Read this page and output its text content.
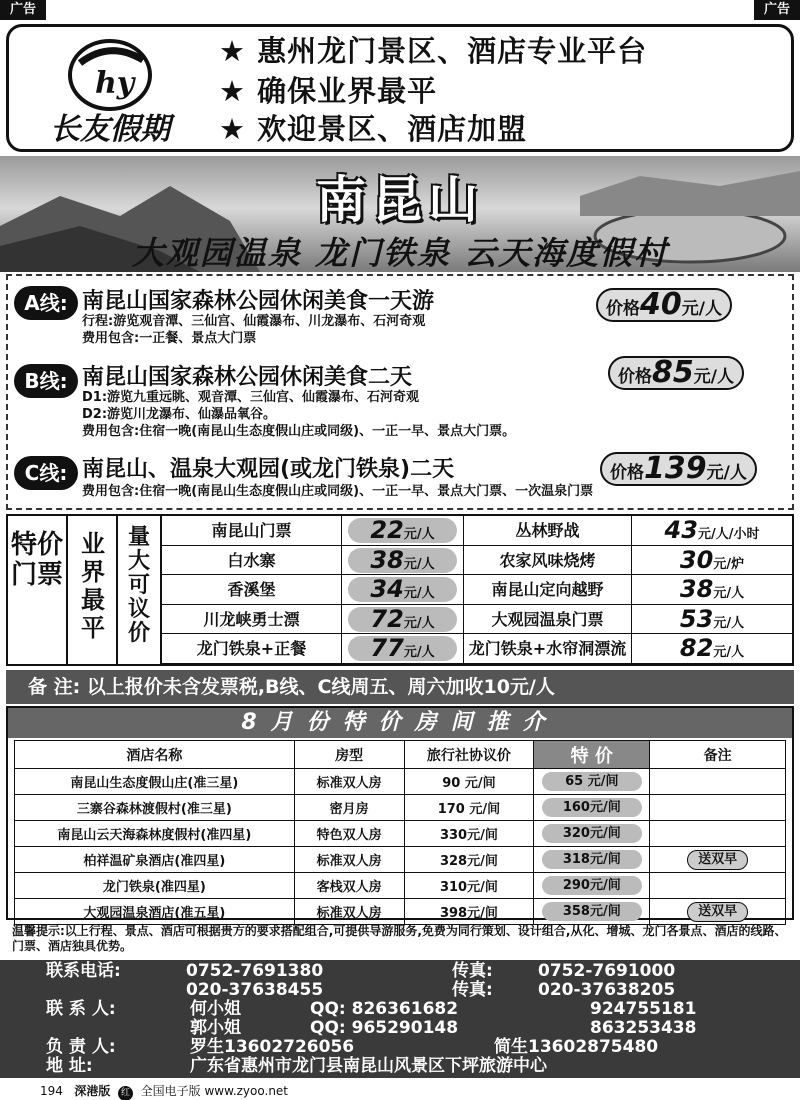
广告	广告
hy
长友假期
★ 惠州龙门景区、酒店专业平台
★ 确保业界最平
★ 欢迎景区、酒店加盟
南昆山
大观园温泉 龙门铁泉 云天海度假村
A线: 南昆山国家森林公园休闲美食一天游
行程:游览观音潭、三仙宫、仙霞瀑布、川龙瀑布、石河奇观
费用包含:一正餐、景点大门票
价格40元/人
B线: 南昆山国家森林公园休闲美食二天
D1:游览九重远眺、观音潭、三仙宫、仙霞瀑布、石河奇观
D2:游览川龙瀑布、仙瀑品氧谷。
费用包含:住宿一晚(南昆山生态度假山庄或同级)、一正一早、景点大门票。
价格85元/人
C线: 南昆山、温泉大观园(或龙门铁泉)二天
费用包含:住宿一晚(南昆山生态度假山庄或同级)、一正一早、景点大门票、一次温泉门票
价格139元/人
特价门票
业界最平
量大可议价
南昆山门票	22元/人	丛林野战	43元/人/小时
白水寨	38元/人	农家风味烧烤	30元/炉
香溪堡	34元/人	南昆山定向越野	38元/人
川龙峡勇士漂	72元/人	大观园温泉门票	53元/人
龙门铁泉+正餐	77元/人	龙门铁泉+水帘洞漂流	82元/人
备 注: 以上报价未含发票税,B线、C线周五、周六加收10元/人
8月份特价房间推介
酒店名称	房型	旅行社协议价	特 价	备注
南昆山生态度假山庄(准三星)	标准双人房	90 元/间	65 元/间	
三寨谷森林渡假村(准三星)	密月房	170 元/间	160元/间	
南昆山云天海森林度假村(准四星)	特色双人房	330元/间	320元/间	
柏祥温矿泉酒店(准四星)	标准双人房	328元/间	318元/间	送双早
龙门铁泉(准四星)	客栈双人房	310元/间	290元/间	
大观园温泉酒店(准五星)	标准双人房	398元/间	358元/间	送双早
温馨提示:以上行程、景点、酒店可根据贵方的要求搭配组合,可提供导游服务,免费为同行策划、设计组合,从化、增城、龙门各景点、酒店的线路、门票、酒店独具优势。
联系电话:	0752-7691380	传真:	0752-7691000
020-37638455	传真:	020-37638205
联 系 人:	何小姐	QQ: 826361682	924755181
郭小姐	QQ: 965290148	863253438
负 责 人:	罗生13602726056	简生13602875480
地 址:	广东省惠州市龙门县南昆山风景区下坪旅游中心
194 深港版 红 全国电子版 www.zyoo.net
